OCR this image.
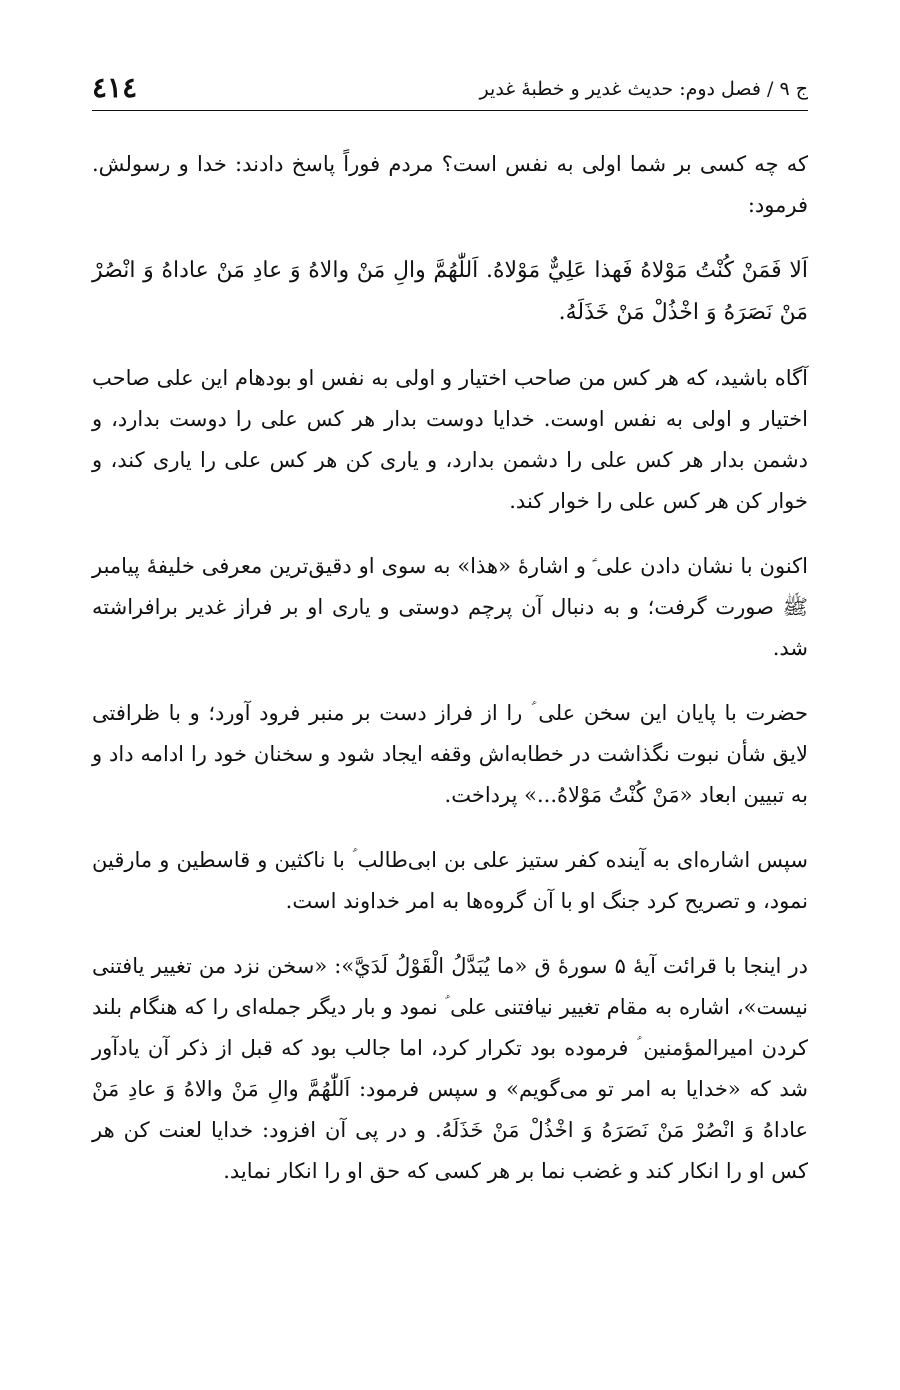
ج ۹ / فصل دوم: حدیث غدیر و خطبۀ غدیر
٤١٤

که چه کسی بر شما اولی به نفس است؟ مردم فوراً پاسخ دادند: خدا و رسولش. فرمود:

اَلا فَمَنْ كُنْتُ مَوْلاهُ فَهذا عَلِيٌّ مَوْلاهُ. اَللّٰهُمَّ والِ مَنْ والاهُ وَ عادِ مَنْ عاداهُ وَ انْصُرْ مَنْ نَصَرَهُ وَ اخْذُلْ مَنْ خَذَلَهُ.

آگاه باشید، که هر کس من صاحب اختیار و اولی به نفس او بودهام این علی صاحب اختیار و اولی به نفس اوست. خدایا دوست بدار هر کس علی را دوست بدارد، و دشمن بدار هر کس علی را دشمن بدارد، و یاری کن هر کس علی را یاری کند، و خوار کن هر کس علی را خوار کند.

اکنون با نشان دادن علی ؑ و اشارۀ «هذا» به سوی او دقیق‌ترین معرفی خلیفۀ پیامبر ﷺ صورت گرفت؛ و به دنبال آن پرچم دوستی و یاری او بر فراز غدیر برافراشته شد.

حضرت با پایان این سخن علی ؑ را از فراز دست بر منبر فرود آورد؛ و با ظرافتی لایق شأن نبوت نگذاشت در خطابه‌اش وقفه ایجاد شود و سخنان خود را ادامه داد و به تبیین ابعاد «مَنْ كُنْتُ مَوْلاهُ...» پرداخت.

سپس اشاره‌ای به آینده کفر ستیز علی بن ابی‌طالب ؑ با ناکثین و قاسطین و مارقین نمود، و تصریح کرد جنگ او با آن گروه‌ها به امر خداوند است.

در اینجا با قرائت آیۀ ۵ سورۀ ق «ما يُبَدَّلُ الْقَوْلُ لَدَيَّ»: «سخن نزد من تغییر یافتنی نیست»، اشاره به مقام تغییر نیافتنی علی ؑ نمود و بار دیگر جمله‌ای را که هنگام بلند کردن امیرالمؤمنین ؑ فرموده بود تکرار کرد، اما جالب بود که قبل از ذکر آن یادآور شد که «خدایا به امر تو می‌گویم» و سپس فرمود: اَللّٰهُمَّ والِ مَنْ والاهُ وَ عادِ مَنْ عاداهُ وَ انْصُرْ مَنْ نَصَرَهُ وَ اخْذُلْ مَنْ خَذَلَهُ. و در پی آن افزود: خدایا لعنت کن هر کس او را انکار کند و غضب نما بر هر کسی که حق او را انکار نماید.
